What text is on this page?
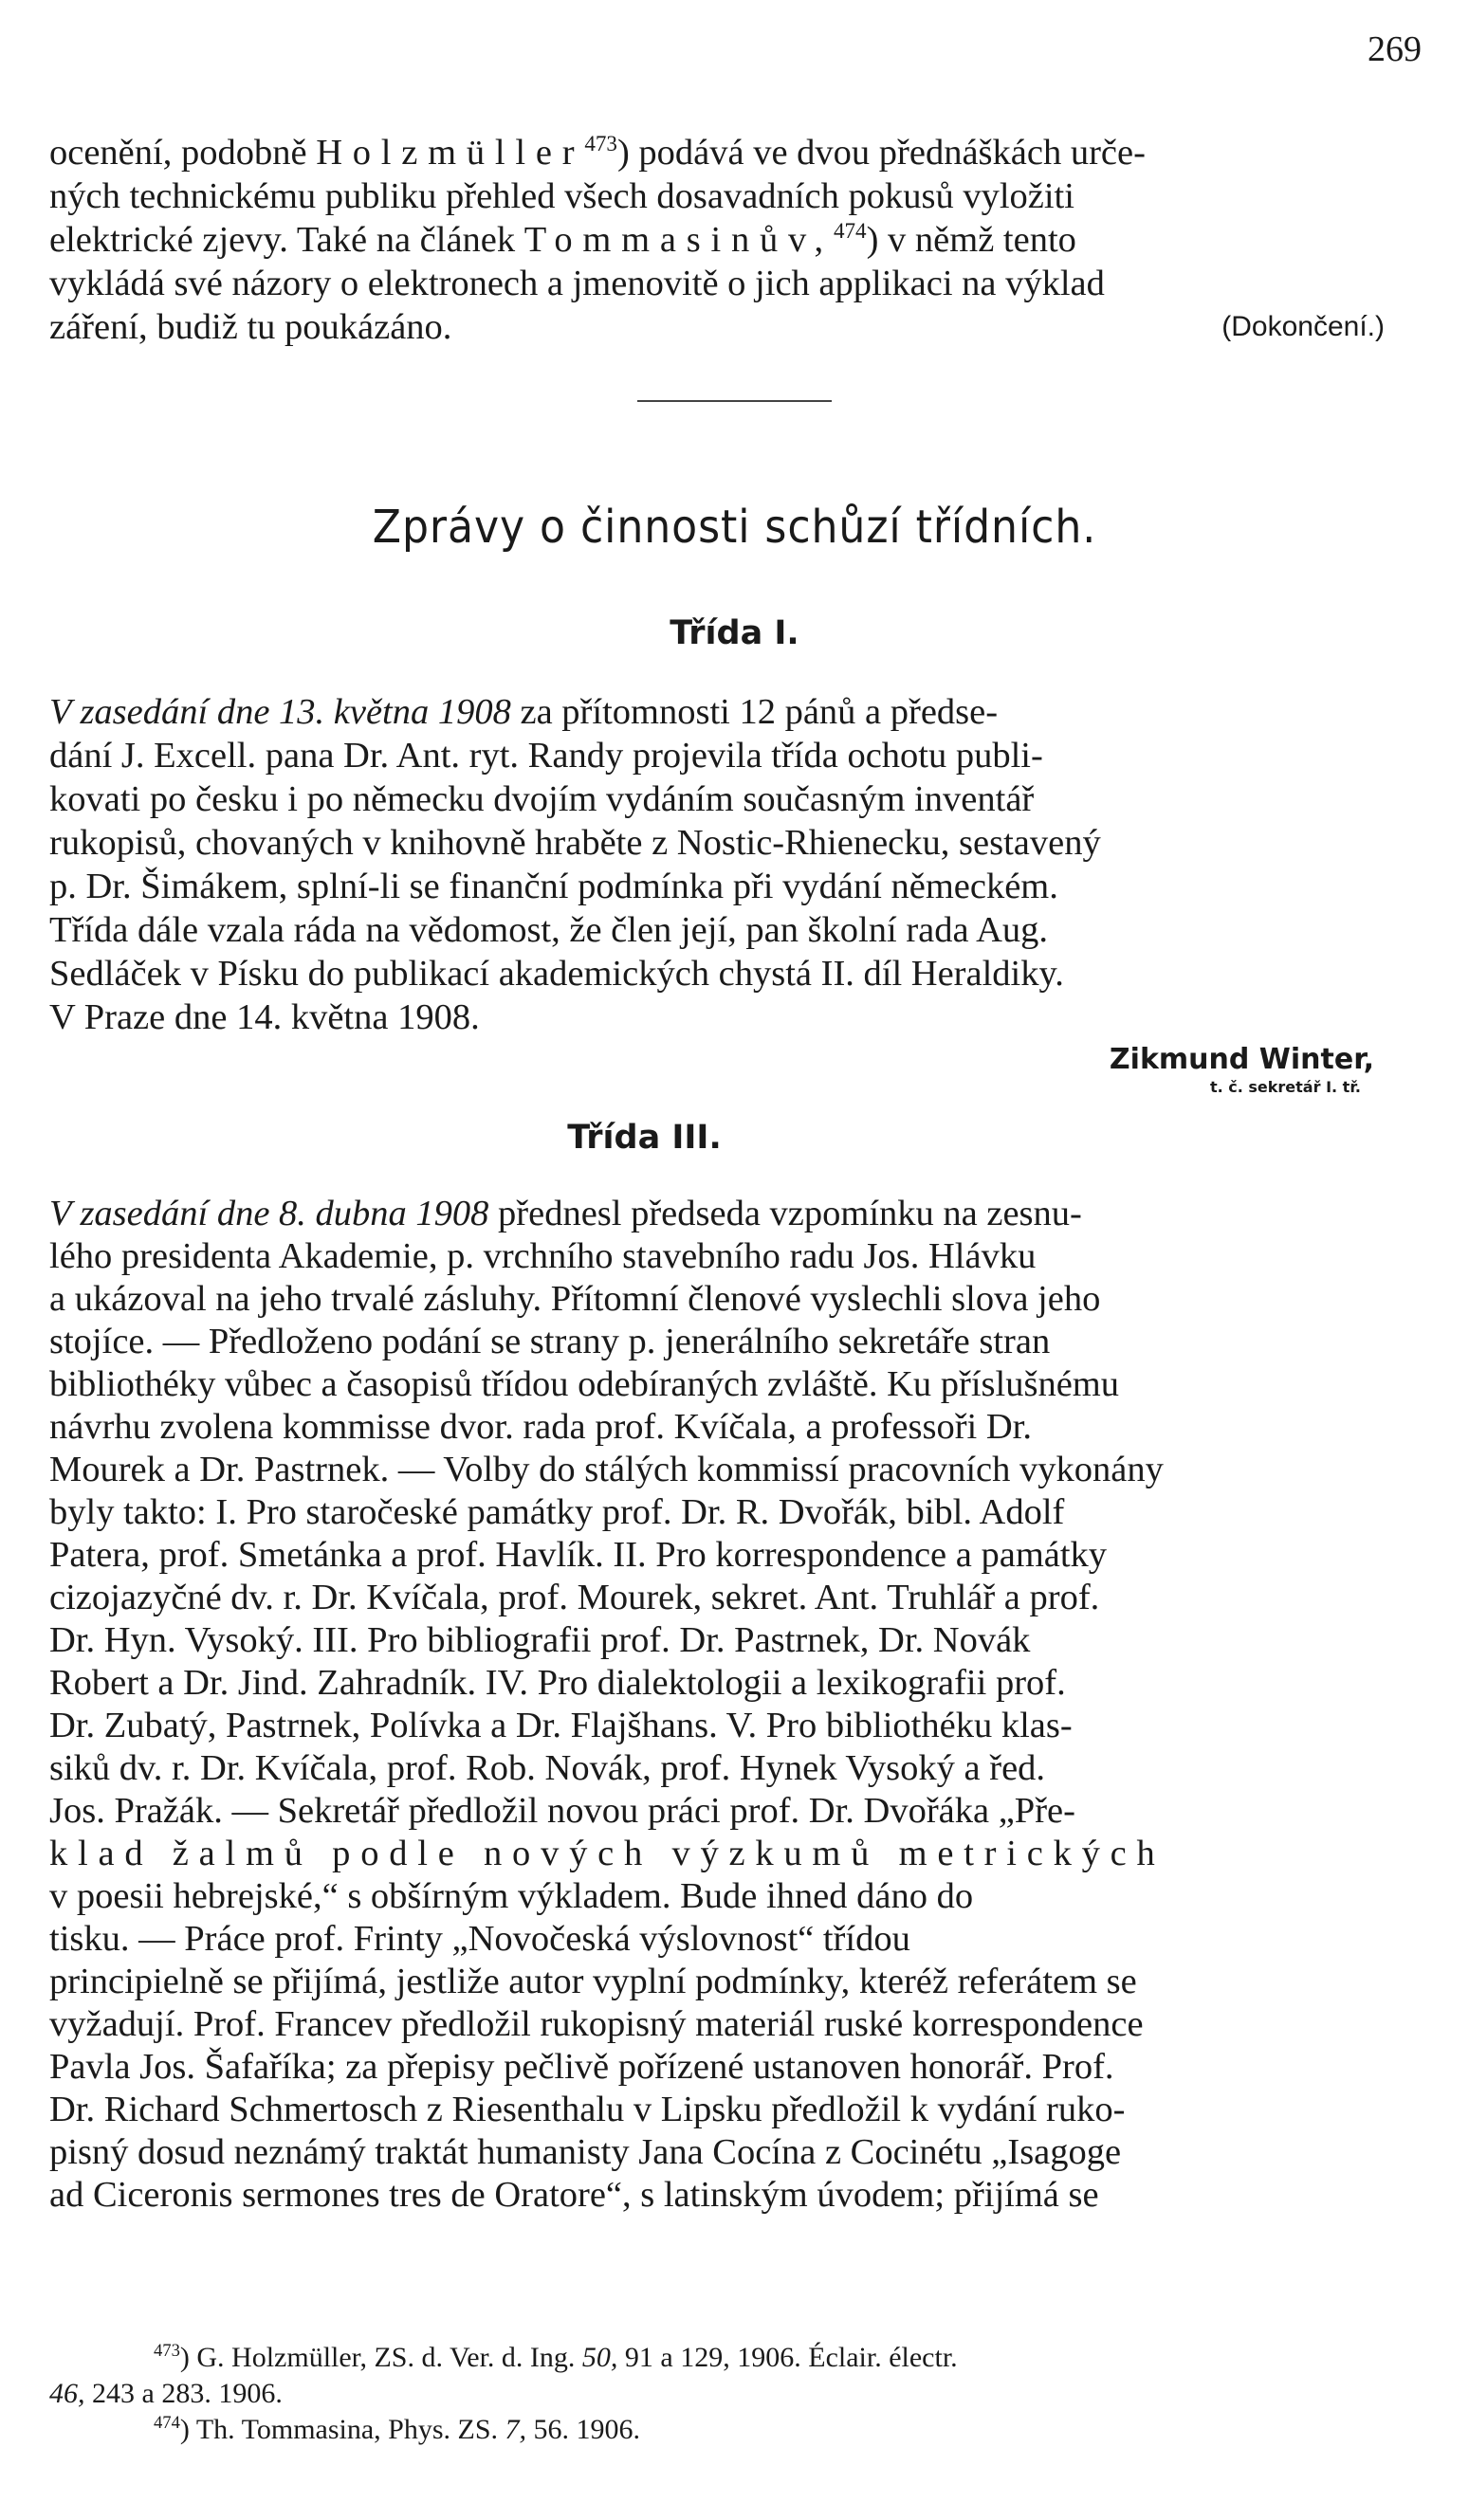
269
ocenění, podobně Holzmüller$^{473}$) podává ve dvou přednáškách urče-
ných technickému publiku přehled všech dosavadních pokusů vyložiti
elektrické zjevy. Také na článek Tommasinův,$^{474}$) v němž tento
vykládá své názory o elektronech a jmenovitě o jich applikaci na výklad
záření, budiž tu poukázáno.	(Dokončení.)
Zprávy o činnosti schůzí třídních.
Třída I.
V zasedání dne 13. května 1908 za přítomnosti 12 pánů a předse-
dání J. Excell. pana Dr. Ant. ryt. Randy projevila třída ochotu publi-
kovati po česku i po německu dvojím vydáním současným inventář
rukopisů, chovaných v knihovně hraběte z Nostic-Rhienecku, sestavený
p. Dr. Šimákem, splní-li se finanční podmínka při vydání německém.
Třída dále vzala ráda na vědomost, že člen její, pan školní rada Aug.
Sedláček v Písku do publikací akademických chystá II. díl Heraldiky.
V Praze dne 14. května 1908.
Zikmund Winter,
t. č. sekretář I. tř.
Třída III.
V zasedání dne 8. dubna 1908 přednesl předseda vzpomínku na zesnu-
lého presidenta Akademie, p. vrchního stavebního radu Jos. Hlávku
a ukázoval na jeho trvalé zásluhy. Přítomní členové vyslechli slova jeho
stojíce. — Předloženo podání se strany p. jenerálního sekretáře stran
bibliothéky vůbec a časopisů třídou odebíraných zvláště. Ku příslušnému
návrhu zvolena kommisse dvor. rada prof. Kvíčala, a professoři Dr.
Mourek a Dr. Pastrnek. — Volby do stálých kommissí pracovních vykonány
byly takto: I. Pro staročeské památky prof. Dr. R. Dvořák, bibl. Adolf
Patera, prof. Smetánka a prof. Havlík. II. Pro korrespondence a památky
cizojazyčné dv. r. Dr. Kvíčala, prof. Mourek, sekret. Ant. Truhlář a prof.
Dr. Hyn. Vysoký. III. Pro bibliografii prof. Dr. Pastrnek, Dr. Novák
Robert a Dr. Jind. Zahradník. IV. Pro dialektologii a lexikografii prof.
Dr. Zubatý, Pastrnek, Polívka a Dr. Flajšhans. V. Pro bibliothéku klas-
siků dv. r. Dr. Kvíčala, prof. Rob. Novák, prof. Hynek Vysoký a řed.
Jos. Pražák. — Sekretář předložil novou práci prof. Dr. Dvořáka „Pře-
klad žalmů podle nových výzkumů metrických
v poesii hebrejské,“ s obšírným výkladem. Bude ihned dáno do
tisku. — Práce prof. Frinty „Novočeská výslovnost“ třídou
principielně se přijímá, jestliže autor vyplní podmínky, kteréž referátem se
vyžadují. Prof. Francev předložil rukopisný materiál ruské korrespondence
Pavla Jos. Šafaříka; za přepisy pečlivě pořízené ustanoven honorář. Prof.
Dr. Richard Schmertosch z Riesenthalu v Lipsku předložil k vydání ruko-
pisný dosud neznámý traktát humanisty Jana Cocína z Cocinétu „Isagoge
ad Ciceronis sermones tres de Oratore“, s latinským úvodem; přijímá se
$^{473}$) G. Holzmüller, ZS. d. Ver. d. Ing. 50, 91 a 129, 1906. Éclair. électr.
46, 243 a 283. 1906.
$^{474}$) Th. Tommasina, Phys. ZS. 7, 56. 1906.
